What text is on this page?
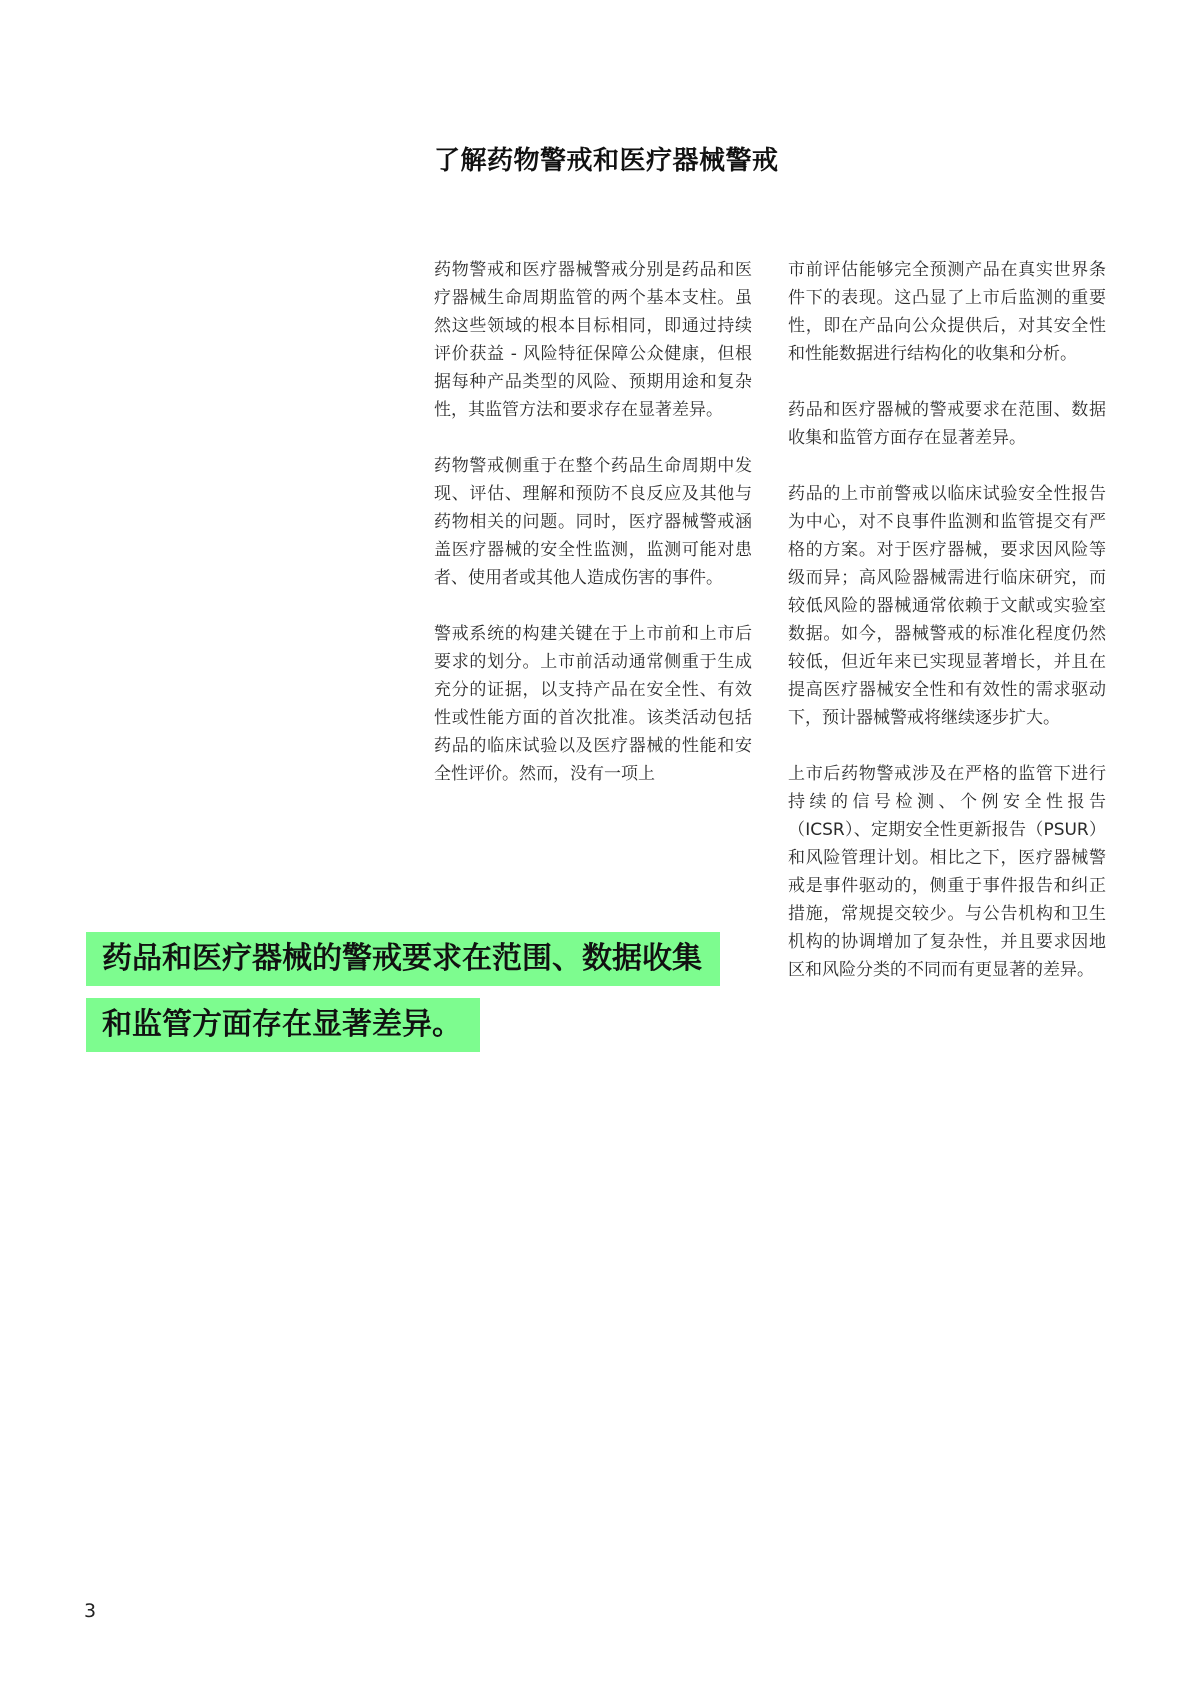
了解药物警戒和医疗器械警戒

药物警戒和医疗器械警戒分别是药品和医疗器械生命周期监管的两个基本支柱。虽然这些领域的根本目标相同，即通过持续评价获益 - 风险特征保障公众健康，但根据每种产品类型的风险、预期用途和复杂性，其监管方法和要求存在显著差异。

药物警戒侧重于在整个药品生命周期中发现、评估、理解和预防不良反应及其他与药物相关的问题。同时，医疗器械警戒涵盖医疗器械的安全性监测，监测可能对患者、使用者或其他人造成伤害的事件。

警戒系统的构建关键在于上市前和上市后要求的划分。上市前活动通常侧重于生成充分的证据，以支持产品在安全性、有效性或性能方面的首次批准。该类活动包括药品的临床试验以及医疗器械的性能和安全性评价。然而，没有一项上

市前评估能够完全预测产品在真实世界条件下的表现。这凸显了上市后监测的重要性，即在产品向公众提供后，对其安全性和性能数据进行结构化的收集和分析。

药品和医疗器械的警戒要求在范围、数据收集和监管方面存在显著差异。

药品的上市前警戒以临床试验安全性报告为中心，对不良事件监测和监管提交有严格的方案。对于医疗器械，要求因风险等级而异；高风险器械需进行临床研究，而较低风险的器械通常依赖于文献或实验室数据。如今，器械警戒的标准化程度仍然较低，但近年来已实现显著增长，并且在提高医疗器械安全性和有效性的需求驱动下，预计器械警戒将继续逐步扩大。

上市后药物警戒涉及在严格的监管下进行持续的信号检测、个例安全性报告（ICSR）、定期安全性更新报告（PSUR）和风险管理计划。相比之下，医疗器械警戒是事件驱动的，侧重于事件报告和纠正措施，常规提交较少。与公告机构和卫生机构的协调增加了复杂性，并且要求因地区和风险分类的不同而有更显著的差异。

药品和医疗器械的警戒要求在范围、数据收集
和监管方面存在显著差异。
3
